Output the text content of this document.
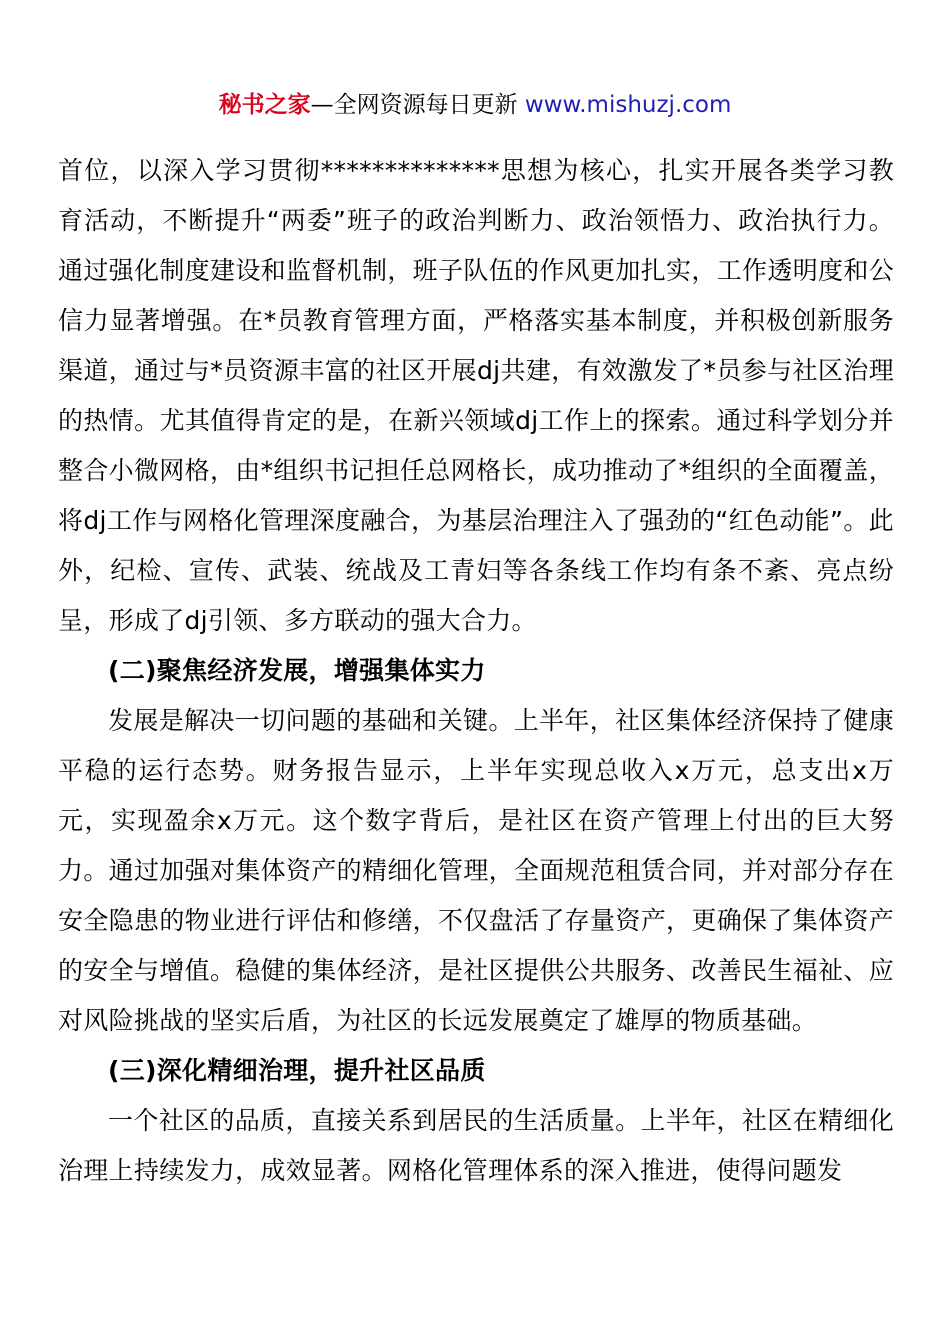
秘书之家—全网资源每日更新 www.mishuzj.com

首位，以深入学习贯彻**************思想为核心，扎实开展各类学习教育活动，不断提升“两委”班子的政治判断力、政治领悟力、政治执行力。通过强化制度建设和监督机制，班子队伍的作风更加扎实，工作透明度和公信力显著增强。在*员教育管理方面，严格落实基本制度，并积极创新服务渠道，通过与*员资源丰富的社区开展dj共建，有效激发了*员参与社区治理的热情。尤其值得肯定的是，在新兴领域dj工作上的探索。通过科学划分并整合小微网格，由*组织书记担任总网格长，成功推动了*组织的全面覆盖，将dj工作与网格化管理深度融合，为基层治理注入了强劲的“红色动能”。此外，纪检、宣传、武装、统战及工青妇等各条线工作均有条不紊、亮点纷呈，形成了dj引领、多方联动的强大合力。

(二)聚焦经济发展，增强集体实力

发展是解决一切问题的基础和关键。上半年，社区集体经济保持了健康平稳的运行态势。财务报告显示，上半年实现总收入x万元，总支出x万元，实现盈余x万元。这个数字背后，是社区在资产管理上付出的巨大努力。通过加强对集体资产的精细化管理，全面规范租赁合同，并对部分存在安全隐患的物业进行评估和修缮，不仅盘活了存量资产，更确保了集体资产的安全与增值。稳健的集体经济，是社区提供公共服务、改善民生福祉、应对风险挑战的坚实后盾，为社区的长远发展奠定了雄厚的物质基础。

(三)深化精细治理，提升社区品质

一个社区的品质，直接关系到居民的生活质量。上半年，社区在精细化治理上持续发力，成效显著。网格化管理体系的深入推进，使得问题发
